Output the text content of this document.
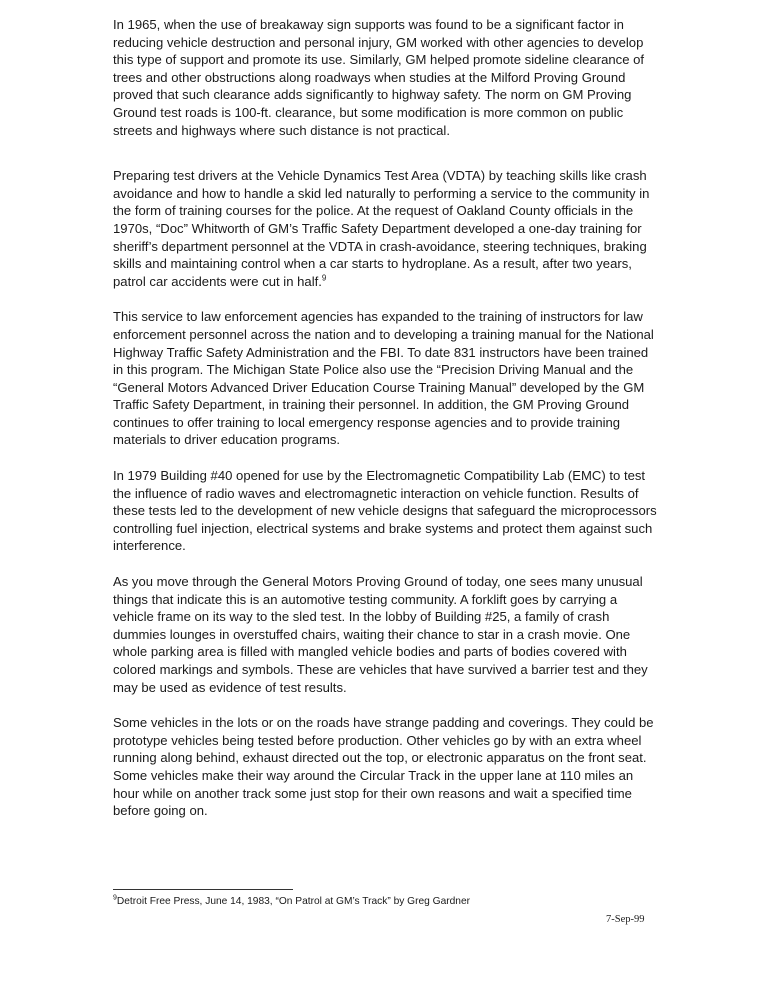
In 1965, when the use of breakaway sign supports was found to be a significant factor in reducing vehicle destruction and personal injury, GM worked with other agencies to develop this type of support and promote its use. Similarly, GM helped promote sideline clearance of trees and other obstructions along roadways when studies at the Milford Proving Ground proved that such clearance adds significantly to highway safety. The norm on GM Proving Ground test roads is 100-ft. clearance, but some modification is more common on public streets and highways where such distance is not practical.

Preparing test drivers at the Vehicle Dynamics Test Area (VDTA) by teaching skills like crash avoidance and how to handle a skid led naturally to performing a service to the community in the form of training courses for the police. At the request of Oakland County officials in the 1970s, “Doc” Whitworth of GM’s Traffic Safety Department developed a one-day training for sheriff’s department personnel at the VDTA in crash-avoidance, steering techniques, braking skills and maintaining control when a car starts to hydroplane. As a result, after two years, patrol car accidents were cut in half.$^9$

This service to law enforcement agencies has expanded to the training of instructors for law enforcement personnel across the nation and to developing a training manual for the National Highway Traffic Safety Administration and the FBI. To date 831 instructors have been trained in this program. The Michigan State Police also use the “Precision Driving Manual and the “General Motors Advanced Driver Education Course Training Manual” developed by the GM Traffic Safety Department, in training their personnel. In addition, the GM Proving Ground continues to offer training to local emergency response agencies and to provide training materials to driver education programs.

In 1979 Building #40 opened for use by the Electromagnetic Compatibility Lab (EMC) to test the influence of radio waves and electromagnetic interaction on vehicle function. Results of these tests led to the development of new vehicle designs that safeguard the microprocessors controlling fuel injection, electrical systems and brake systems and protect them against such interference.

As you move through the General Motors Proving Ground of today, one sees many unusual things that indicate this is an automotive testing community. A forklift goes by carrying a vehicle frame on its way to the sled test. In the lobby of Building #25, a family of crash dummies lounges in overstuffed chairs, waiting their chance to star in a crash movie. One whole parking area is filled with mangled vehicle bodies and parts of bodies covered with colored markings and symbols. These are vehicles that have survived a barrier test and they may be used as evidence of test results.

Some vehicles in the lots or on the roads have strange padding and coverings. They could be prototype vehicles being tested before production. Other vehicles go by with an extra wheel running along behind, exhaust directed out the top, or electronic apparatus on the front seat. Some vehicles make their way around the Circular Track in the upper lane at 110 miles an hour while on another track some just stop for their own reasons and wait a specified time before going on.

$^9$Detroit Free Press, June 14, 1983, “On Patrol at GM’s Track” by Greg Gardner
7-Sep-99
